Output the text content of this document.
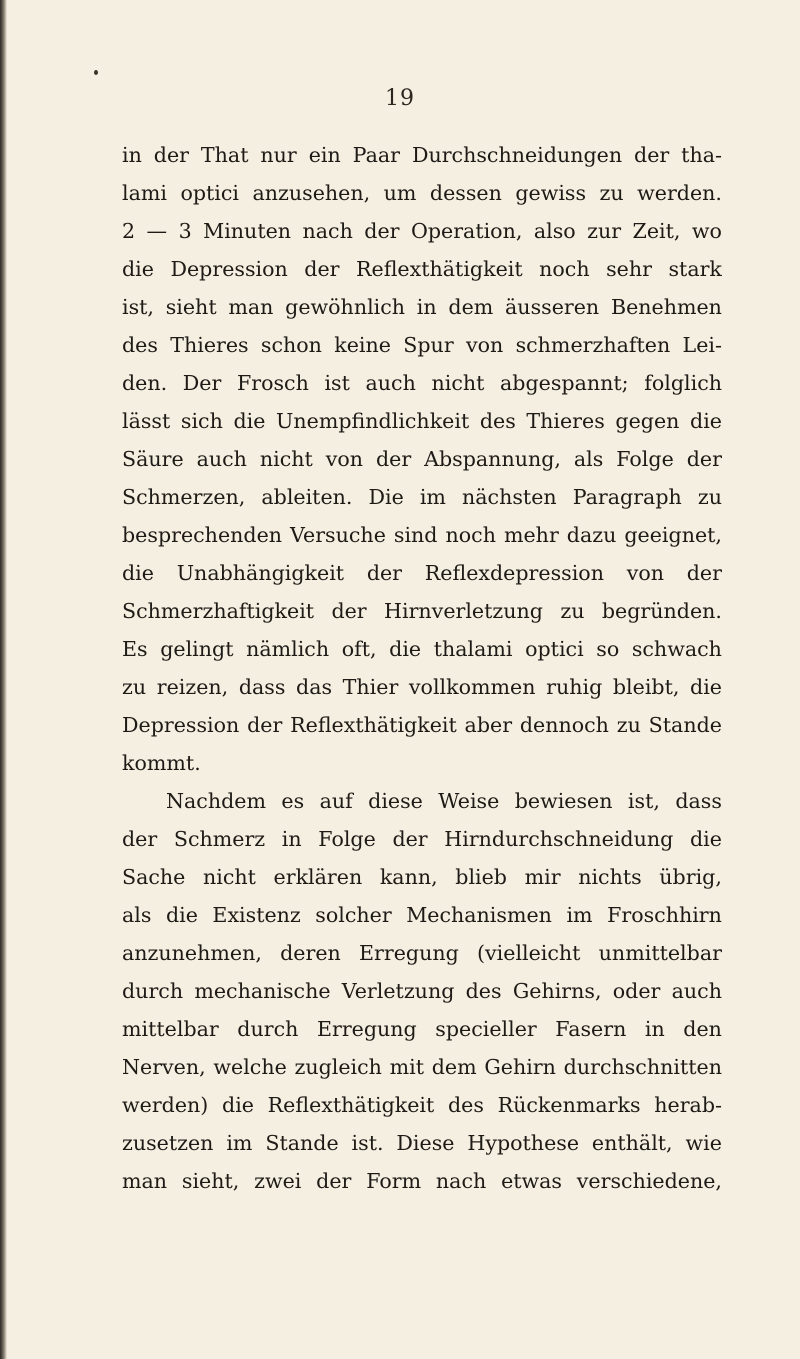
19
in der That nur ein Paar Durchschneidungen der tha-
lami optici anzusehen, um dessen gewiss zu werden.
2 — 3 Minuten nach der Operation, also zur Zeit, wo
die Depression der Reflexthätigkeit noch sehr stark
ist, sieht man gewöhnlich in dem äusseren Benehmen
des Thieres schon keine Spur von schmerzhaften Lei-
den. Der Frosch ist auch nicht abgespannt; folglich
lässt sich die Unempfindlichkeit des Thieres gegen die
Säure auch nicht von der Abspannung, als Folge der
Schmerzen, ableiten. Die im nächsten Paragraph zu
besprechenden Versuche sind noch mehr dazu geeignet,
die Unabhängigkeit der Reflexdepression von der
Schmerzhaftigkeit der Hirnverletzung zu begründen.
Es gelingt nämlich oft, die thalami optici so schwach
zu reizen, dass das Thier vollkommen ruhig bleibt, die
Depression der Reflexthätigkeit aber dennoch zu Stande
kommt.
Nachdem es auf diese Weise bewiesen ist, dass
der Schmerz in Folge der Hirndurchschneidung die
Sache nicht erklären kann, blieb mir nichts übrig,
als die Existenz solcher Mechanismen im Froschhirn
anzunehmen, deren Erregung (vielleicht unmittelbar
durch mechanische Verletzung des Gehirns, oder auch
mittelbar durch Erregung specieller Fasern in den
Nerven, welche zugleich mit dem Gehirn durchschnitten
werden) die Reflexthätigkeit des Rückenmarks herab-
zusetzen im Stande ist. Diese Hypothese enthält, wie
man sieht, zwei der Form nach etwas verschiedene,
